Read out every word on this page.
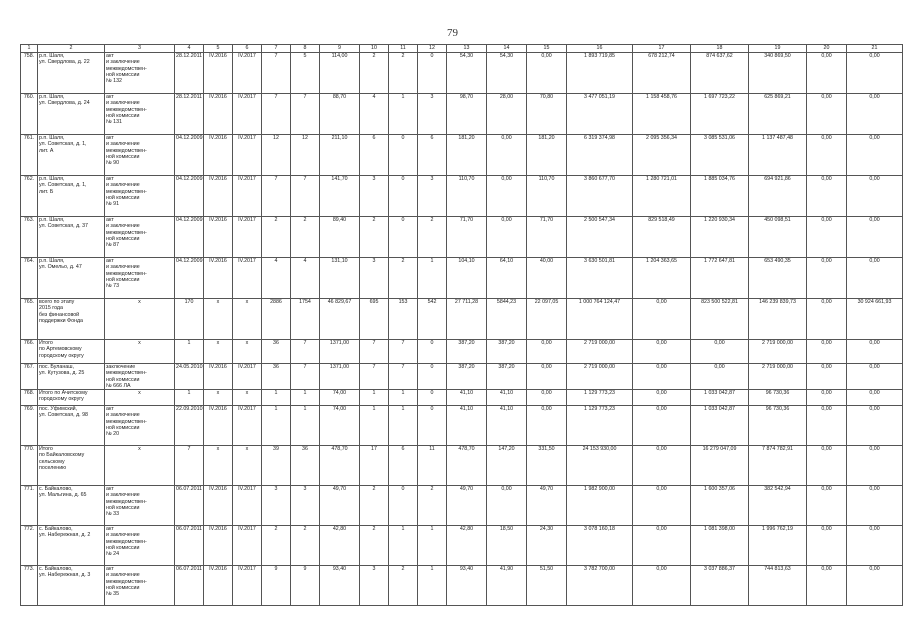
79
1	2	3	4	5	6	7	8	9	10	11	12	13	14	15	16	17	18	19	20	21
758.	р.п. Шаля,
ул. Свердлова, д. 22	акт
и заключение
межведомствен-
ной комиссии
№ 132	28.12.2011	IV.2016	IV.2017	7	5	114,00	2	2	0	54,30	54,30	0,00	1 893 719,85	678 212,74	874 637,62	340 869,50	0,00	0,00
760.	р.п. Шаля,
ул. Свердлова, д. 24	акт
и заключение
межведомствен-
ной комиссии
№ 131	28.12.2011	IV.2016	IV.2017	7	7	88,70	4	1	3	98,70	28,00	70,80	3 477 051,19	1 158 458,76	1 697 723,22	625 869,21	0,00	0,00
761.	р.п. Шаля,
ул. Советская, д. 1,
лит. А	акт
и заключение
межведомствен-
ной комиссии
№ 90	04.12.2009	IV.2016	IV.2017	12	12	211,10	6	0	6	181,20	0,00	181,20	6 319 374,98	2 095 356,34	3 085 531,06	1 137 487,48	0,00	0,00
762.	р.п. Шаля,
ул. Советская, д. 1,
лит. Б	акт
и заключение
межведомствен-
ной комиссии
№ 91	04.12.2009	IV.2016	IV.2017	7	7	141,70	3	0	3	110,70	0,00	110,70	3 860 677,70	1 280 721,01	1 885 034,76	694 921,86	0,00	0,00
763.	р.п. Шаля,
ул. Советская, д. 37	акт
и заключение
межведомствен-
ной комиссии
№ 87	04.12.2009	IV.2016	IV.2017	2	2	89,40	2	0	2	71,70	0,00	71,70	2 500 547,34	829 518,49	1 220 930,34	450 098,51	0,00	0,00
764.	р.п. Шаля,
ул. Омельо, д. 47	акт
и заключение
межведомствен-
ной комиссии
№ 73	04.12.2009	IV.2016	IV.2017	4	4	131,10	3	2	1	104,10	64,10	40,00	3 630 501,81	1 204 363,65	1 772 647,81	653 490,35	0,00	0,00
765.	всего по этапу
2015 года
без финансовой
поддержки Фонда	x	170	x	x	2886	1754	46 829,67	695	153	542	27 711,28	5844,23	22 097,05	1 000 764 124,47	0,00	823 500 522,81	146 239 839,73	0,00	30 924 661,93
766.	Итого
по Артемовскому
городскому округу	x	1	x	x	36	7	1371,00	7	7	0	387,20	387,20	0,00	2 719 000,00	0,00	0,00	2 719 000,00	0,00	0,00
767.	пос. Буланаш,
ул. Кутузова, д. 25	заключение
межведомствен-
ной комиссии
№ 666 ЛА	24.05.2010	IV.2016	IV.2017	36	7	1371,00	7	7	0	387,20	387,20	0,00	2 719 000,00	0,00	0,00	2 719 000,00	0,00	0,00
768.	Итого по Ачитскому
городскому округу	x	1	x	x	1	1	74,00	1	1	0	41,10	41,10	0,00	1 129 773,23	0,00	1 033 042,87	96 730,36	0,00	0,00
769.	пос. Уфимский,
ул. Советская, д. 98	акт
и заключение
межведомствен-
ной комиссии
№ 20	22.09.2010	IV.2016	IV.2017	1	1	74,00	1	1	0	41,10	41,10	0,00	1 129 773,23	0,00	1 033 042,87	96 730,36	0,00	0,00
770.	Итого
по Байкаловскому
сельскому
поселению	x	7	x	x	39	36	478,70	17	6	11	478,70	147,20	331,50	24 153 930,00	0,00	16 279 047,09	7 874 782,91	0,00	0,00
771.	с. Байкалово,
ул. Мальгина, д. 65	акт
и заключение
межведомствен-
ной комиссии
№ 33	06.07.2011	IV.2016	IV.2017	3	3	49,70	2	0	2	49,70	0,00	49,70	1 982 900,00	0,00	1 600 357,06	382 542,94	0,00	0,00
772.	с. Байкалово,
ул. Набережная, д. 2	акт
и заключение
межведомствен-
ной комиссии
№ 24	06.07.2011	IV.2016	IV.2017	2	2	42,80	2	1	1	42,80	18,50	24,30	3 078 160,18	0,00	1 081 398,00	1 996 762,19	0,00	0,00
773.	с. Байкалово,
ул. Набережная, д. 3	акт
и заключение
межведомствен-
ной комиссии
№ 35	06.07.2011	IV.2016	IV.2017	9	9	93,40	3	2	1	93,40	41,90	51,50	3 782 700,00	0,00	3 037 886,37	744 813,63	0,00	0,00
